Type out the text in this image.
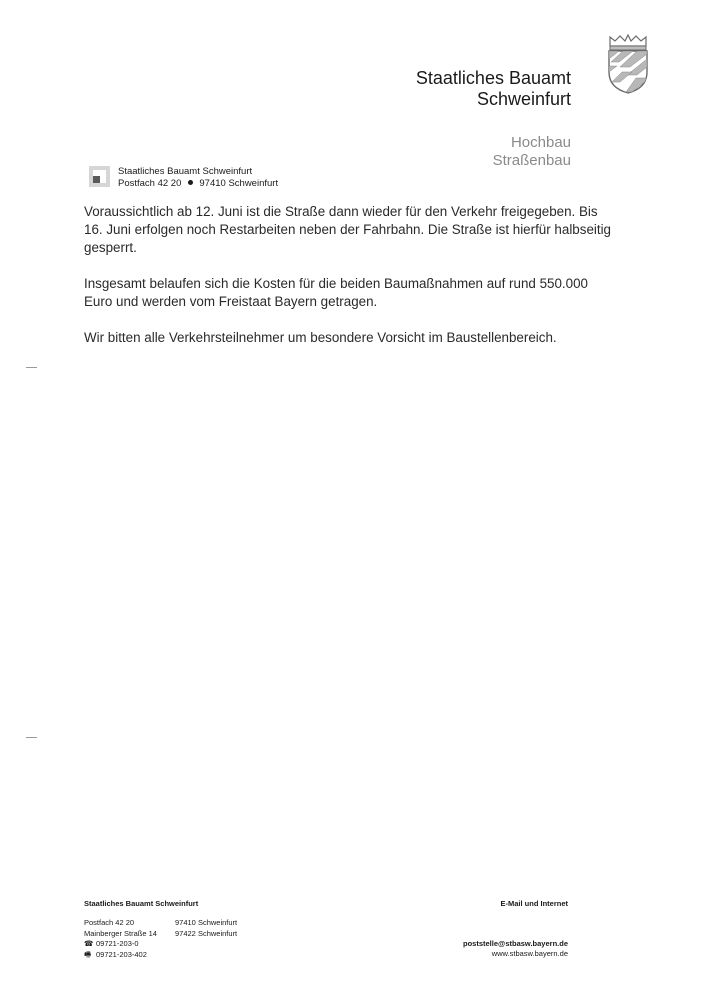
Staatliches Bauamt
Schweinfurt
Hochbau
Straßenbau
Staatliches Bauamt Schweinfurt
Postfach 42 20 97410 Schweinfurt

Voraussichtlich ab 12. Juni ist die Straße dann wieder für den Verkehr freigegeben. Bis 16. Juni erfolgen noch Restarbeiten neben der Fahrbahn. Die Straße ist hierfür halbseitig gesperrt.

Insgesamt belaufen sich die Kosten für die beiden Baumaßnahmen auf rund 550.000 Euro und werden vom Freistaat Bayern getragen.

Wir bitten alle Verkehrsteilnehmer um besondere Vorsicht im Baustellenbereich.

Staatliches Bauamt Schweinfurt
Postfach 42 20	97410 Schweinfurt
Mainberger Straße 14 97422 Schweinfurt
☎ 09721-203-0
🖷 09721-203-402
E-Mail und Internet
poststelle@stbasw.bayern.de
www.stbasw.bayern.de
